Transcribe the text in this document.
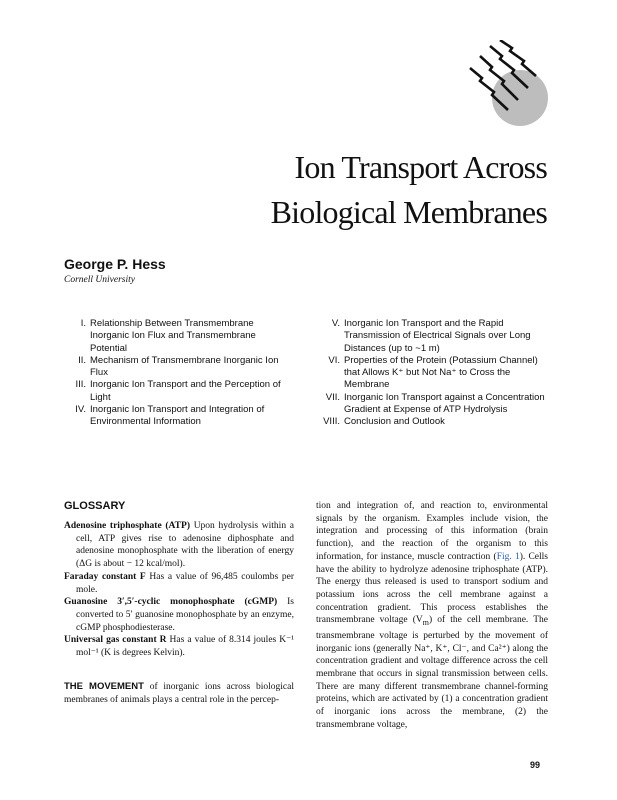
Ion Transport Across
Biological Membranes
George P. Hess
Cornell University
I. Relationship Between Transmembrane Inorganic Ion Flux and Transmembrane Potential
II. Mechanism of Transmembrane Inorganic Ion Flux
III. Inorganic Ion Transport and the Perception of Light
IV. Inorganic Ion Transport and Integration of Environmental Information
V. Inorganic Ion Transport and the Rapid Transmission of Electrical Signals over Long Distances (up to ~1 m)
VI. Properties of the Protein (Potassium Channel) that Allows K⁺ but Not Na⁺ to Cross the Membrane
VII. Inorganic Ion Transport against a Concentration Gradient at Expense of ATP Hydrolysis
VIII. Conclusion and Outlook
GLOSSARY
Adenosine triphosphate (ATP) Upon hydrolysis within a cell, ATP gives rise to adenosine diphosphate and adenosine monophosphate with the liberation of energy (ΔG is about − 12 kcal/mol).
Faraday constant F Has a value of 96,485 coulombs per mole.
Guanosine 3′,5′-cyclic monophosphate (cGMP) Is converted to 5′ guanosine monophosphate by an enzyme, cGMP phosphodiesterase.
Universal gas constant R Has a value of 8.314 joules K⁻¹ mol⁻¹ (K is degrees Kelvin).
THE MOVEMENT of inorganic ions across biological membranes of animals plays a central role in the percep-
tion and integration of, and reaction to, environmental signals by the organism. Examples include vision, the integration and processing of this information (brain function), and the reaction of the organism to this information, for instance, muscle contraction (Fig. 1). Cells have the ability to hydrolyze adenosine triphosphate (ATP). The energy thus released is used to transport sodium and potassium ions across the cell membrane against a concentration gradient. This process establishes the transmembrane voltage $(V_m)$ of the cell membrane. The transmembrane voltage is perturbed by the movement of inorganic ions (generally Na⁺, K⁺, Cl⁻, and Ca²⁺) along the concentration gradient and voltage difference across the cell membrane that occurs in signal transmission between cells. There are many different transmembrane channel-forming proteins, which are activated by (1) a concentration gradient of inorganic ions across the membrane, (2) the transmembrane voltage,
99
